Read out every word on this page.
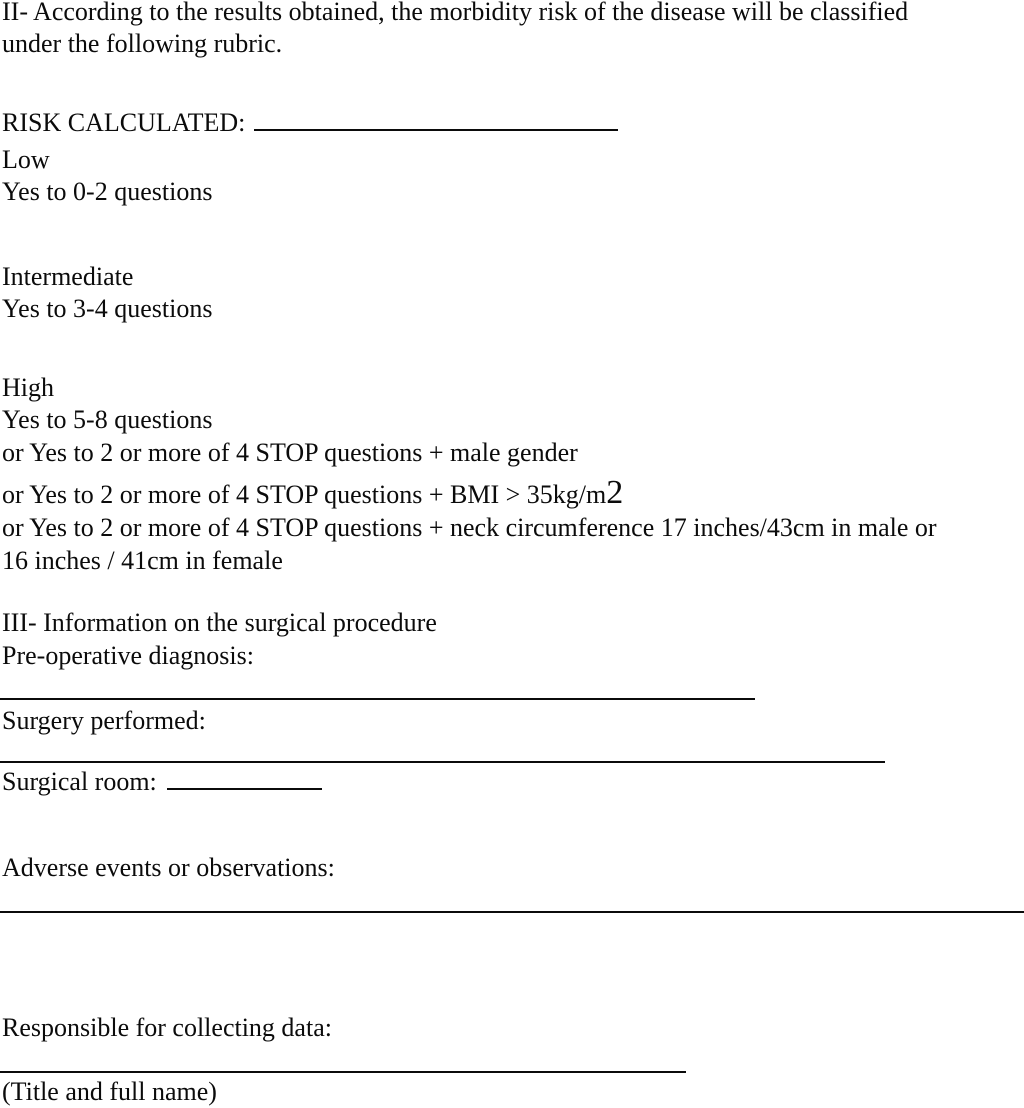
II- According to the results obtained, the morbidity risk of the disease will be classified

under the following rubric.

RISK CALCULATED:

Low

Yes to 0-2 questions

Intermediate

Yes to 3-4 questions

High

Yes to 5-8 questions

or Yes to 2 or more of 4 STOP questions + male gender

or Yes to 2 or more of 4 STOP questions + BMI > 35kg/m2

or Yes to 2 or more of 4 STOP questions + neck circumference 17 inches/43cm in male or

16 inches / 41cm in female

III- Information on the surgical procedure

Pre-operative diagnosis:

Surgery performed:

Surgical room:

Adverse events or observations:

Responsible for collecting data:

(Title and full name)
